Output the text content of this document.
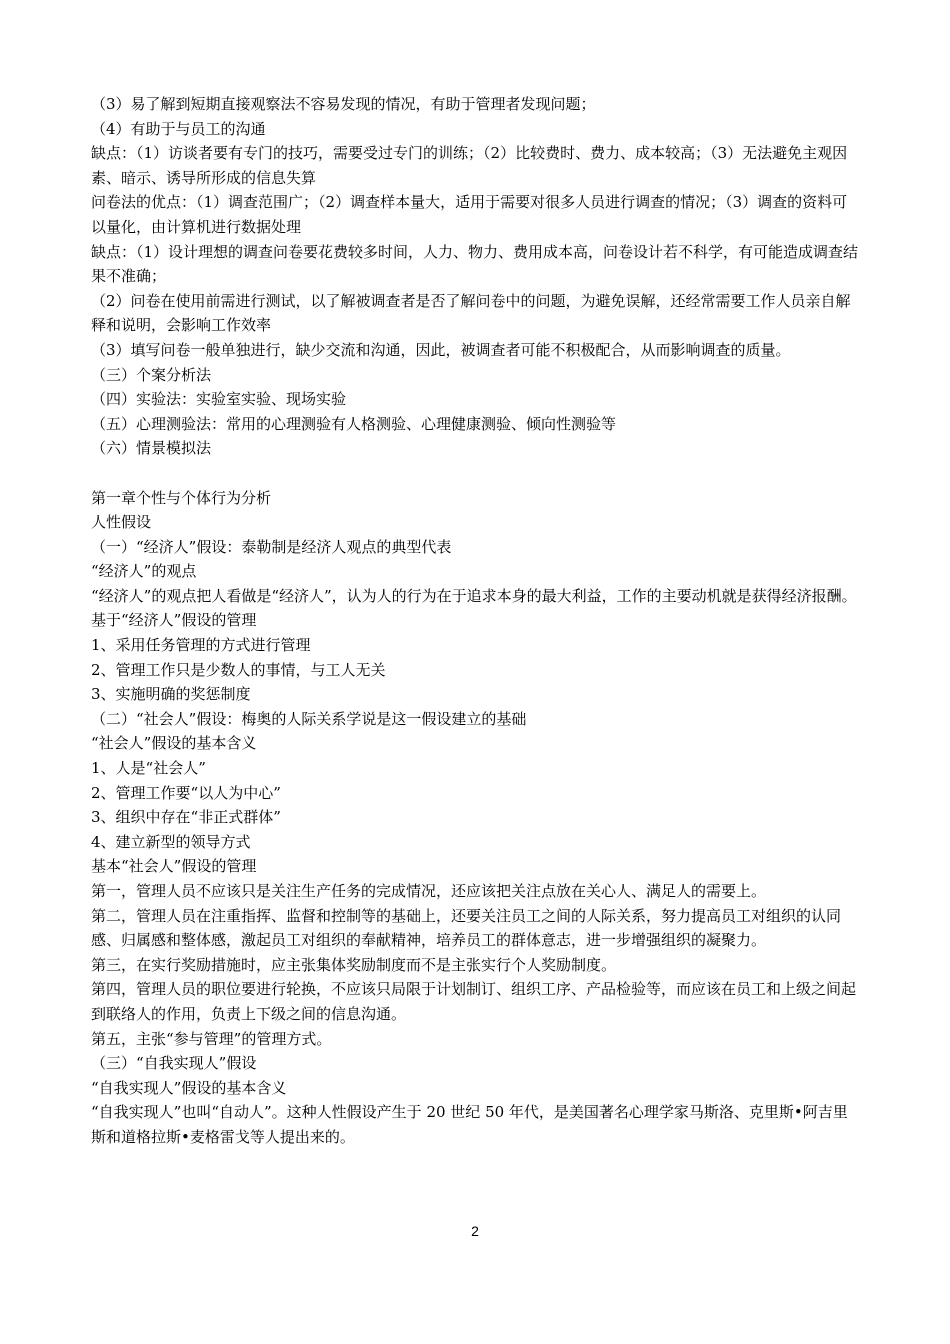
（3）易了解到短期直接观察法不容易发现的情况，有助于管理者发现问题；

（4）有助于与员工的沟通

缺点：（1）访谈者要有专门的技巧，需要受过专门的训练；（2）比较费时、费力、成本较高；（3）无法避免主观因素、暗示、诱导所形成的信息失算

问卷法的优点：（1）调查范围广；（2）调查样本量大，适用于需要对很多人员进行调查的情况；（3）调查的资料可以量化，由计算机进行数据处理

缺点：（1）设计理想的调查问卷要花费较多时间，人力、物力、费用成本高，问卷设计若不科学，有可能造成调查结果不准确；

（2）问卷在使用前需进行测试，以了解被调查者是否了解问卷中的问题，为避免误解，还经常需要工作人员亲自解释和说明，会影响工作效率

（3）填写问卷一般单独进行，缺少交流和沟通，因此，被调查者可能不积极配合，从而影响调查的质量。

（三）个案分析法

（四）实验法：实验室实验、现场实验

（五）心理测验法：常用的心理测验有人格测验、心理健康测验、倾向性测验等

（六）情景模拟法

第一章个性与个体行为分析

人性假设

（一）“经济人”假设：泰勒制是经济人观点的典型代表

“经济人”的观点

“经济人”的观点把人看做是“经济人”，认为人的行为在于追求本身的最大利益，工作的主要动机就是获得经济报酬。

基于“经济人”假设的管理

1、采用任务管理的方式进行管理

2、管理工作只是少数人的事情，与工人无关

3、实施明确的奖惩制度

（二）“社会人”假设：梅奥的人际关系学说是这一假设建立的基础

“社会人”假设的基本含义

1、人是“社会人”

2、管理工作要“以人为中心”

3、组织中存在“非正式群体”

4、建立新型的领导方式

基本“社会人”假设的管理

第一，管理人员不应该只是关注生产任务的完成情况，还应该把关注点放在关心人、满足人的需要上。

第二，管理人员在注重指挥、监督和控制等的基础上，还要关注员工之间的人际关系，努力提高员工对组织的认同感、归属感和整体感，激起员工对组织的奉献精神，培养员工的群体意志，进一步增强组织的凝聚力。

第三，在实行奖励措施时，应主张集体奖励制度而不是主张实行个人奖励制度。

第四，管理人员的职位要进行轮换，不应该只局限于计划制订、组织工序、产品检验等，而应该在员工和上级之间起到联络人的作用，负责上下级之间的信息沟通。

第五，主张“参与管理”的管理方式。

（三）“自我实现人”假设

“自我实现人”假设的基本含义

“自我实现人”也叫“自动人”。这种人性假设产生于 20 世纪 50 年代，是美国著名心理学家马斯洛、克里斯•阿吉里斯和道格拉斯•麦格雷戈等人提出来的。

2
